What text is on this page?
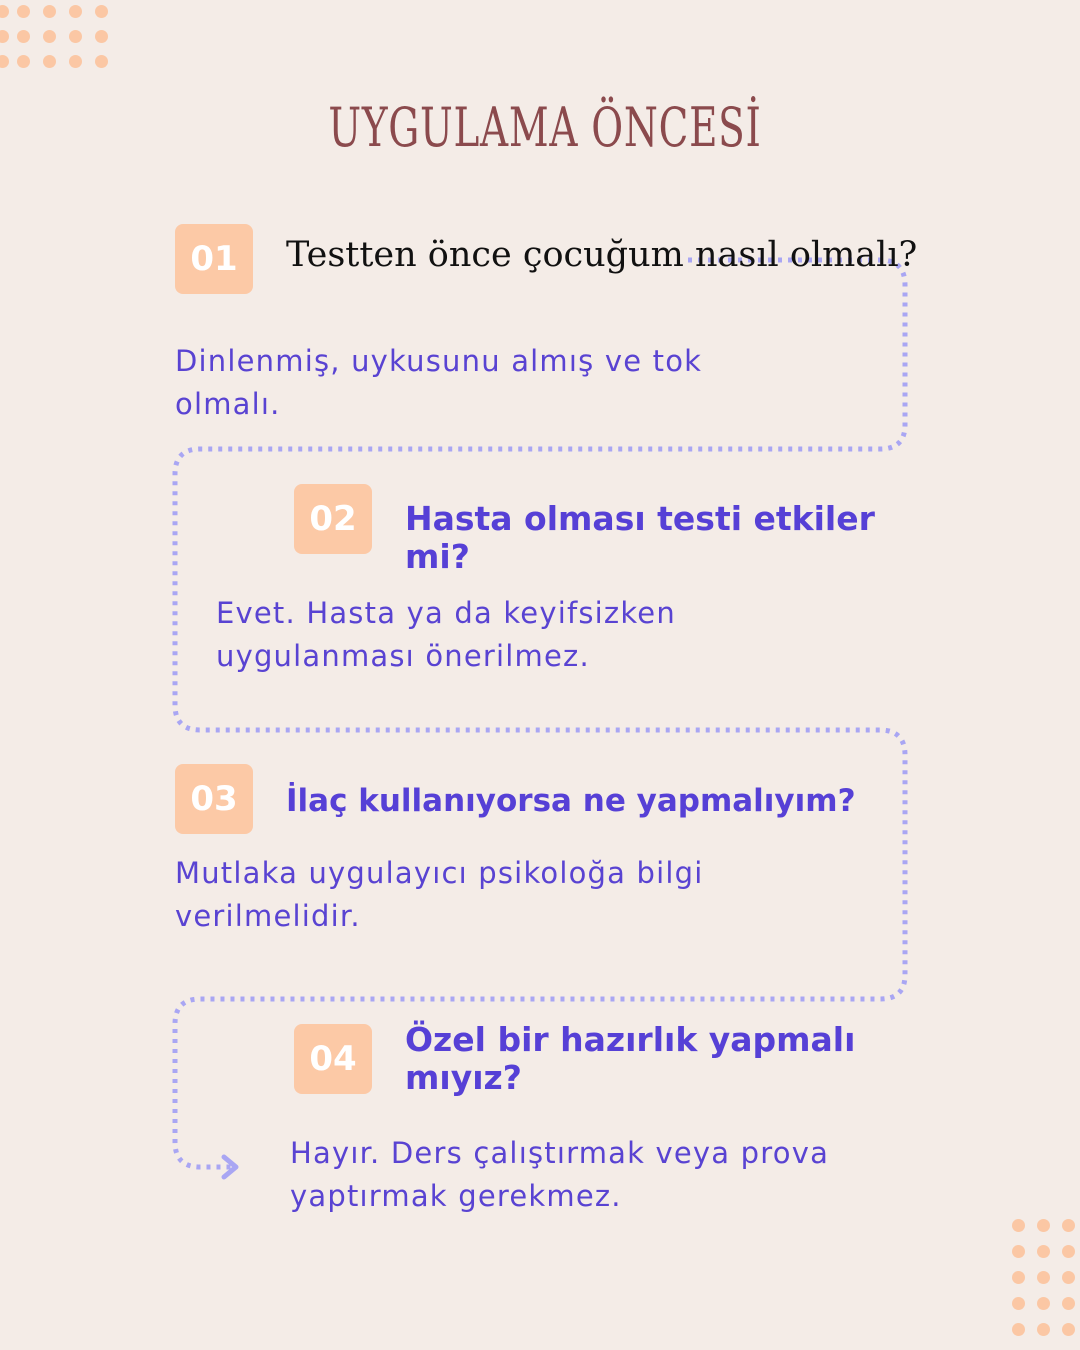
UYGULAMA ÖNCESİ
01	Testten önce çocuğum nasıl olmalı?

Dinlenmiş, uykusunu almış ve tok
olmalı.

02	Hasta olması testi etkiler
mi?

Evet. Hasta ya da keyifsizken
uygulanması önerilmez.

03	İlaç kullanıyorsa ne yapmalıyım?

Mutlaka uygulayıcı psikoloğa bilgi
verilmelidir.

04	Özel bir hazırlık yapmalı
mıyız?

Hayır. Ders çalıştırmak veya prova
yaptırmak gerekmez.
